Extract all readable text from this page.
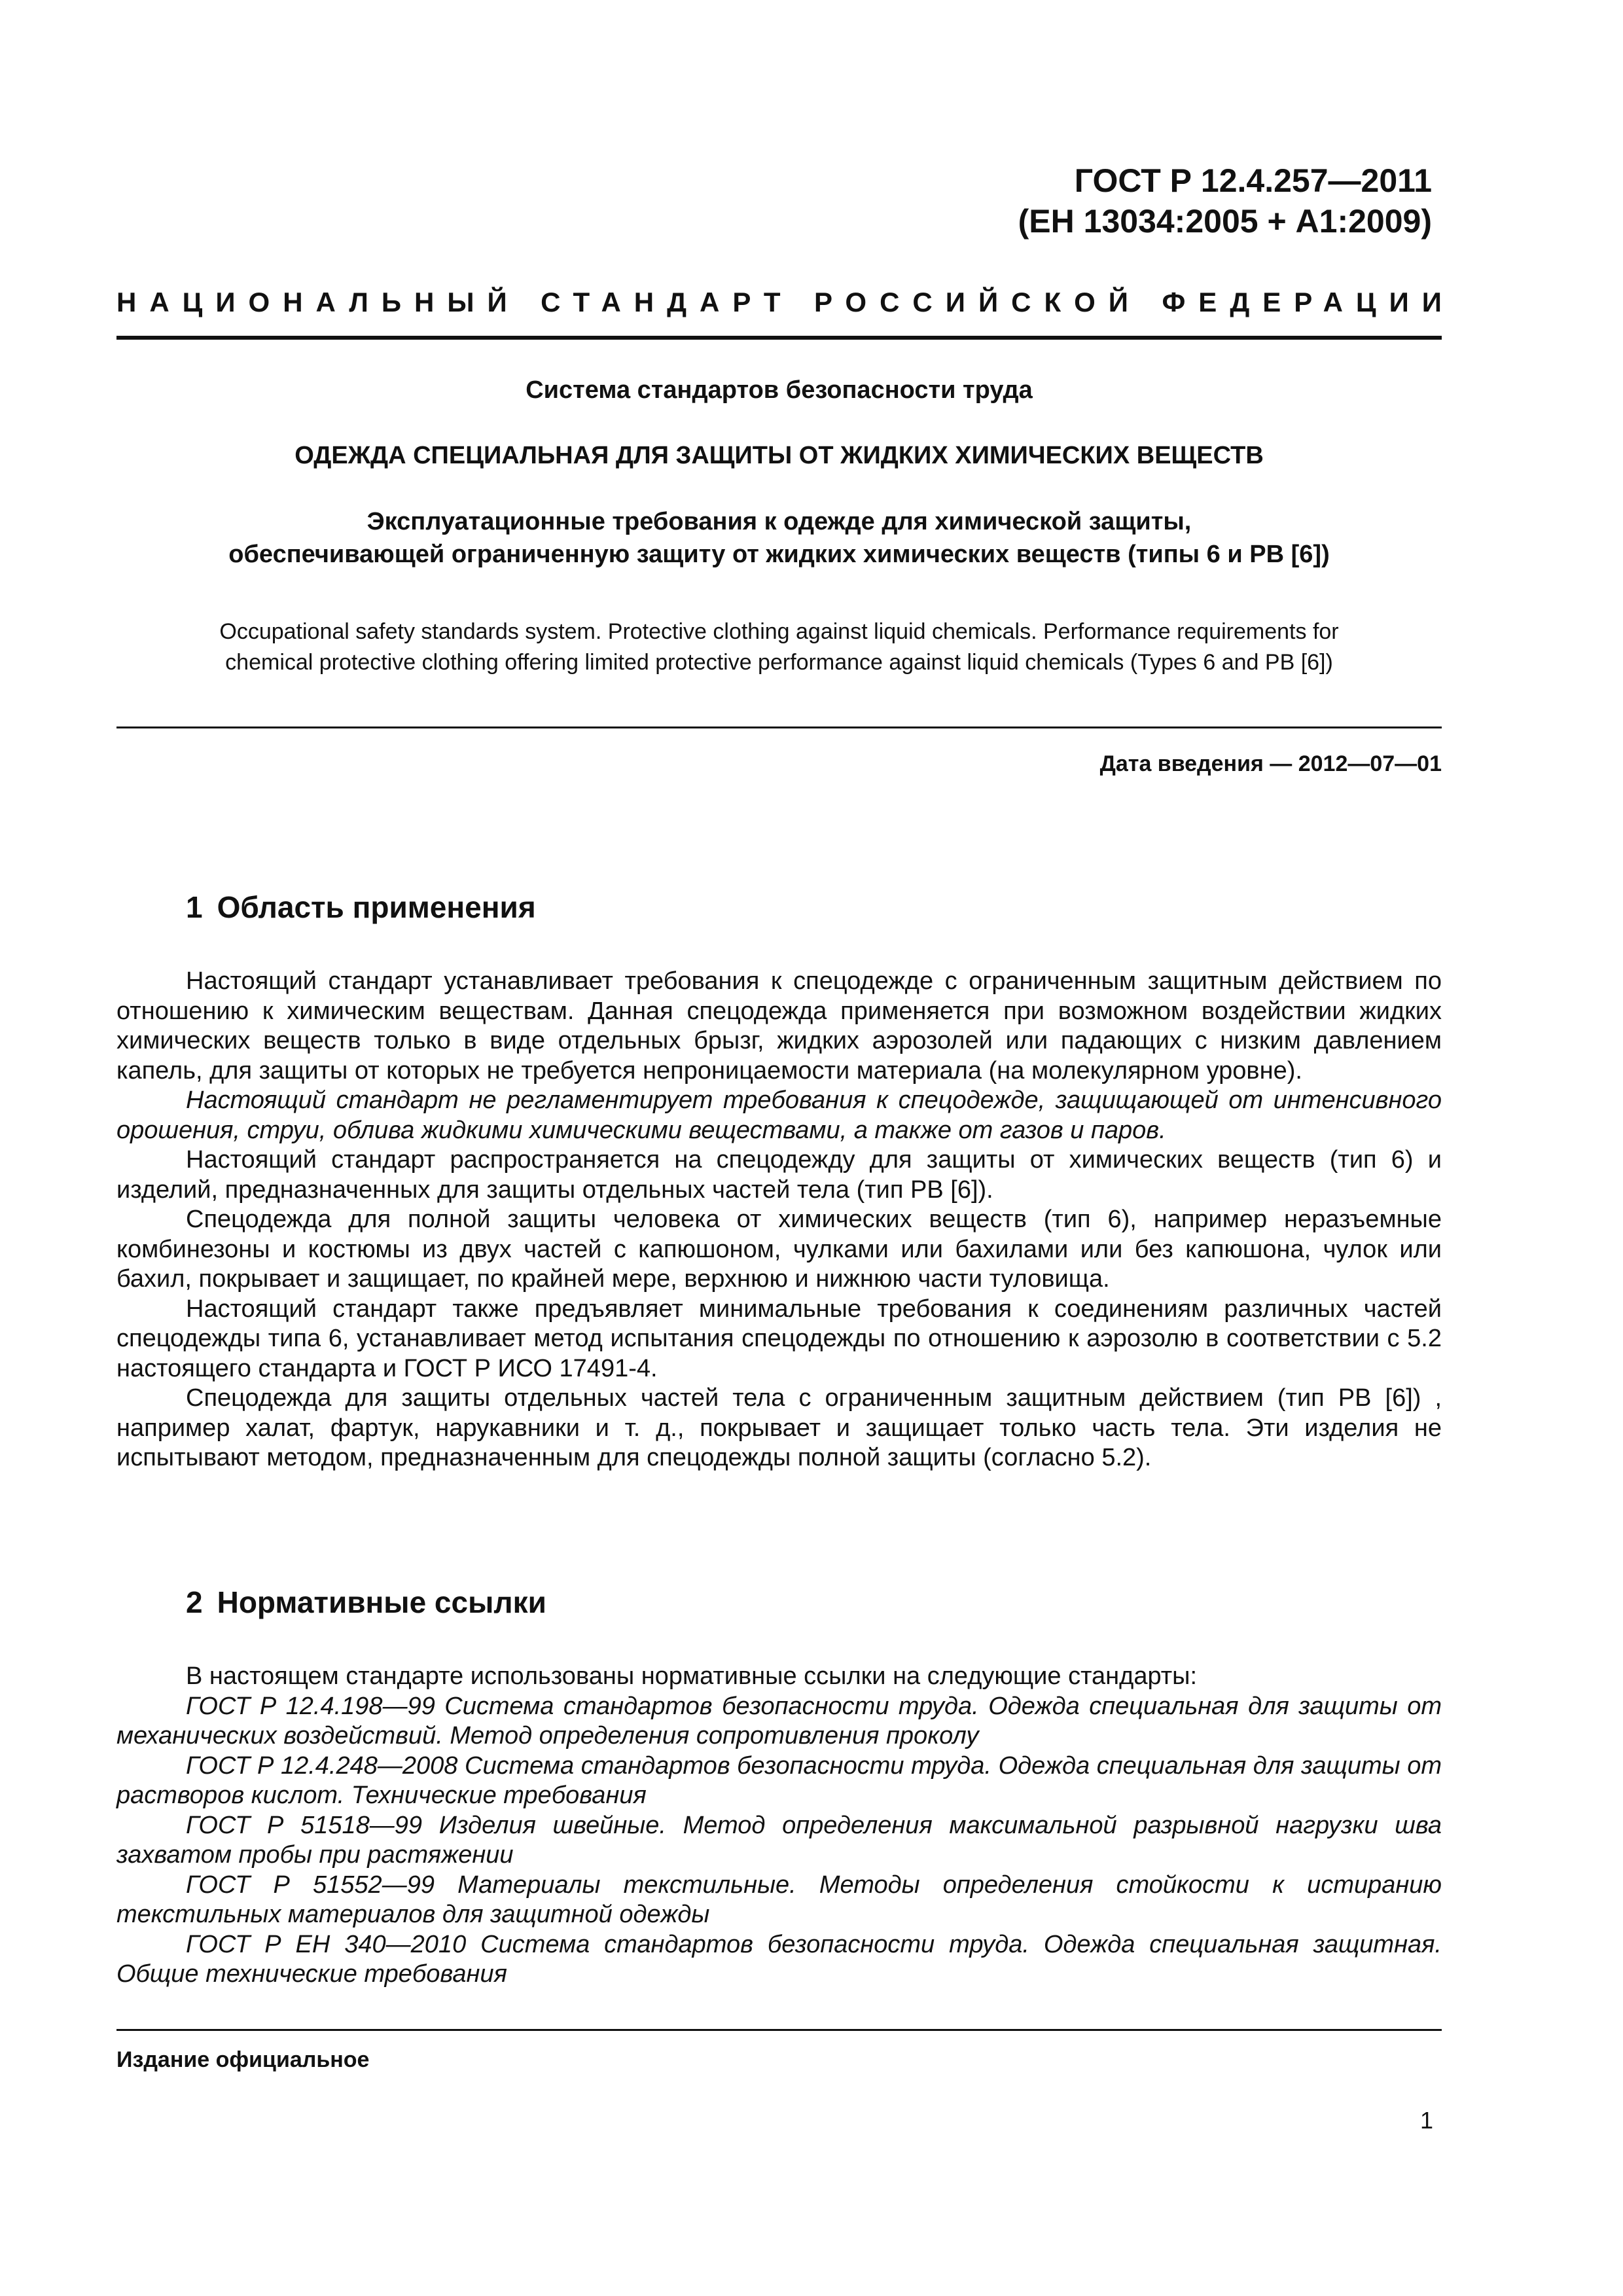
ГОСТ Р 12.4.257—2011
(ЕН 13034:2005 + А1:2009)
НАЦИОНАЛЬНЫЙ СТАНДАРТ РОССИЙСКОЙ ФЕДЕРАЦИИ
Система стандартов безопасности труда
ОДЕЖДА СПЕЦИАЛЬНАЯ ДЛЯ ЗАЩИТЫ ОТ ЖИДКИХ ХИМИЧЕСКИХ ВЕЩЕСТВ
Эксплуатационные требования к одежде для химической защиты,
обеспечивающей ограниченную защиту от жидких химических веществ (типы 6 и PB [6])
Occupational safety standards system. Protective clothing against liquid chemicals. Performance requirements for
chemical protective clothing offering limited protective performance against liquid chemicals (Types 6 and PB [6])
Дата введения — 2012—07—01
1 Область применения

Настоящий стандарт устанавливает требования к спецодежде с ограниченным защитным действием по отношению к химическим веществам. Данная спецодежда применяется при возможном воздействии жидких химических веществ только в виде отдельных брызг, жидких аэрозолей или падающих с низким давлением капель, для защиты от которых не требуется непроницаемости материала (на молекулярном уровне).

Настоящий стандарт не регламентирует требования к спецодежде, защищающей от интенсивного орошения, струи, облива жидкими химическими веществами, а также от газов и паров.

Настоящий стандарт распространяется на спецодежду для защиты от химических веществ (тип 6) и изделий, предназначенных для защиты отдельных частей тела (тип PB [6]).

Спецодежда для полной защиты человека от химических веществ (тип 6), например неразъемные комбинезоны и костюмы из двух частей с капюшоном, чулками или бахилами или без капюшона, чулок или бахил, покрывает и защищает, по крайней мере, верхнюю и нижнюю части туловища.

Настоящий стандарт также предъявляет минимальные требования к соединениям различных частей спецодежды типа 6, устанавливает метод испытания спецодежды по отношению к аэрозолю в соответствии с 5.2 настоящего стандарта и ГОСТ Р ИСО 17491-4.

Спецодежда для защиты отдельных частей тела с ограниченным защитным действием (тип PB [6]) , например халат, фартук, нарукавники и т. д., покрывает и защищает только часть тела. Эти изделия не испытывают методом, предназначенным для спецодежды полной защиты (согласно 5.2).

2 Нормативные ссылки

В настоящем стандарте использованы нормативные ссылки на следующие стандарты:

ГОСТ Р 12.4.198—99 Система стандартов безопасности труда. Одежда специальная для защиты от механических воздействий. Метод определения сопротивления проколу

ГОСТ Р 12.4.248—2008 Система стандартов безопасности труда. Одежда специальная для защиты от растворов кислот. Технические требования

ГОСТ Р 51518—99 Изделия швейные. Метод определения максимальной разрывной нагрузки шва захватом пробы при растяжении

ГОСТ Р 51552—99 Материалы текстильные. Методы определения стойкости к истиранию текстильных материалов для защитной одежды

ГОСТ Р ЕН 340—2010 Система стандартов безопасности труда. Одежда специальная защитная. Общие технические требования

Издание официальное
1
